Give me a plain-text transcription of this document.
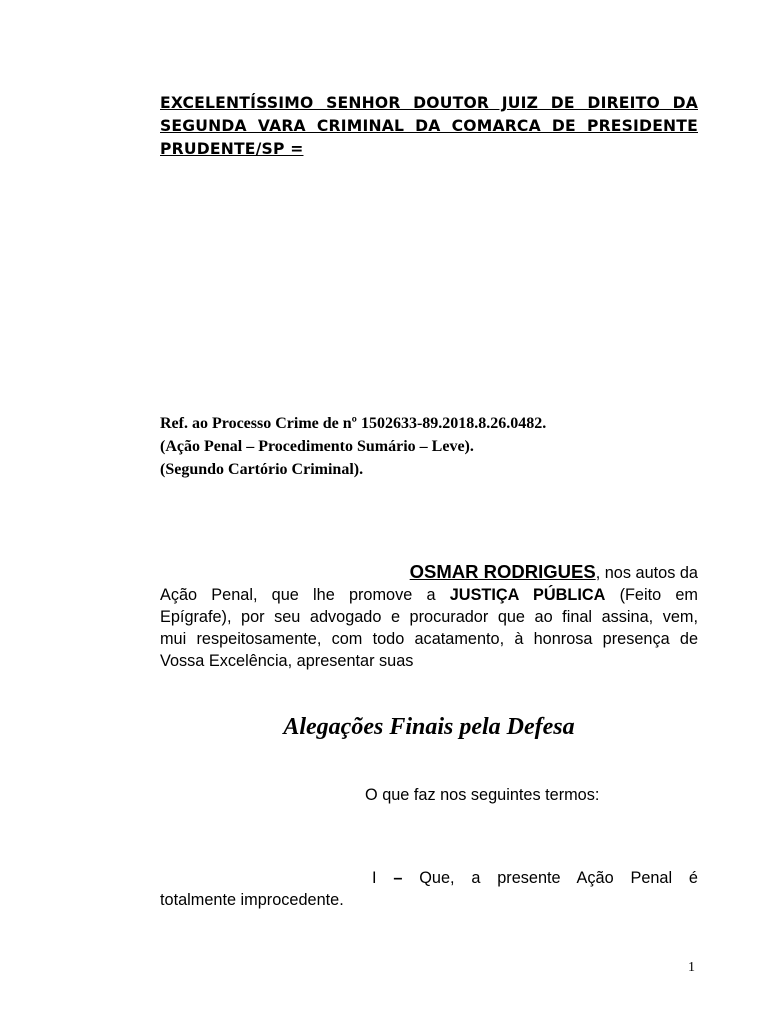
EXCELENTÍSSIMO SENHOR DOUTOR JUIZ DE DIREITO DA
SEGUNDA VARA CRIMINAL DA COMARCA DE PRESIDENTE
PRUDENTE/SP =
Ref. ao Processo Crime de nº 1502633-89.2018.8.26.0482.
(Ação Penal – Procedimento Sumário – Leve).
(Segundo Cartório Criminal).
OSMAR RODRIGUES, nos autos da
Ação Penal, que lhe promove a JUSTIÇA PÚBLICA (Feito em
Epígrafe), por seu advogado e procurador que ao final assina, vem,
mui respeitosamente, com todo acatamento, à honrosa presença de
Vossa Excelência, apresentar suas
Alegações Finais pela Defesa
O que faz nos seguintes termos:
I – Que, a presente Ação Penal é
totalmente improcedente.
1
